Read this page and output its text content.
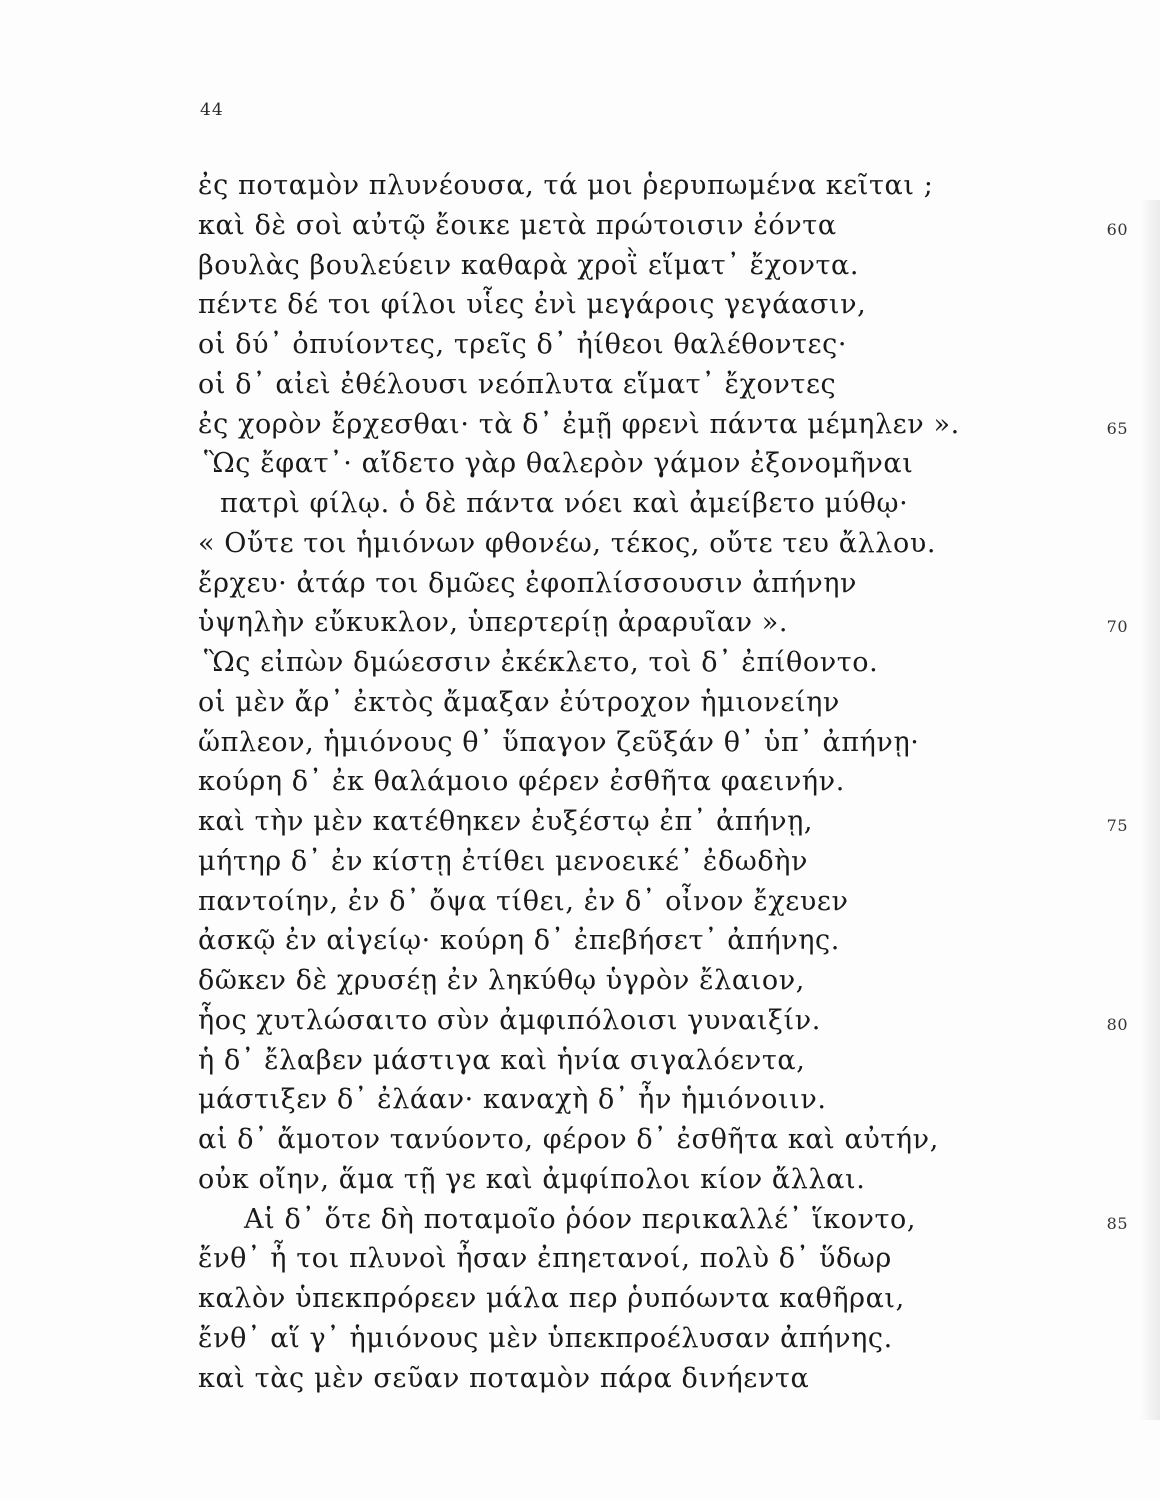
44
ἐς ποταμὸν πλυνέουσα, τά μοι ῥερυπωμένα κεῖται ;
καὶ δὲ σοὶ αὐτῷ ἔοικε μετὰ πρώτοισιν ἐόντα	60
βουλὰς βουλεύειν καθαρὰ χροῒ εἵματ᾽ ἔχοντα.
πέντε δέ τοι φίλοι υἷες ἐνὶ μεγάροις γεγάασιν,
οἱ δύ᾽ ὀπυίοντες, τρεῖς δ᾽ ἠίθεοι θαλέθοντες·
οἱ δ᾽ αἰεὶ ἐθέλουσι νεόπλυτα εἵματ᾽ ἔχοντες
ἐς χορὸν ἔρχεσθαι· τὰ δ᾽ ἐμῇ φρενὶ πάντα μέμηλεν ».	65
Ὣς ἔφατ᾽· αἴδετο γὰρ θαλερὸν γάμον ἐξονομῆναι
πατρὶ φίλῳ. ὁ δὲ πάντα νόει καὶ ἀμείβετο μύθῳ·
« Οὔτε τοι ἡμιόνων φθονέω, τέκος, οὔτε τευ ἄλλου.
ἔρχευ· ἀτάρ τοι δμῶες ἐφοπλίσσουσιν ἀπήνην
ὑψηλὴν εὔκυκλον, ὑπερτερίῃ ἀραρυῖαν ».	70
Ὣς εἰπὼν δμώεσσιν ἐκέκλετο, τοὶ δ᾽ ἐπίθοντο.
οἱ μὲν ἄρ᾽ ἐκτὸς ἄμαξαν ἐύτροχον ἡμιονείην
ὥπλεον, ἡμιόνους θ᾽ ὕπαγον ζεῦξάν θ᾽ ὑπ᾽ ἀπήνῃ·
κούρη δ᾽ ἐκ θαλάμοιο φέρεν ἐσθῆτα φαεινήν.
καὶ τὴν μὲν κατέθηκεν ἐυξέστῳ ἐπ᾽ ἀπήνῃ,	75
μήτηρ δ᾽ ἐν κίστῃ ἐτίθει μενοεικέ᾽ ἐδωδὴν
παντοίην, ἐν δ᾽ ὄψα τίθει, ἐν δ᾽ οἶνον ἔχευεν
ἀσκῷ ἐν αἰγείῳ· κούρη δ᾽ ἐπεβήσετ᾽ ἀπήνης.
δῶκεν δὲ χρυσέῃ ἐν ληκύθῳ ὑγρὸν ἔλαιον,
ἧος χυτλώσαιτο σὺν ἀμφιπόλοισι γυναιξίν.	80
ἡ δ᾽ ἔλαβεν μάστιγα καὶ ἡνία σιγαλόεντα,
μάστιξεν δ᾽ ἐλάαν· καναχὴ δ᾽ ἦν ἡμιόνοιιν.
αἱ δ᾽ ἄμοτον τανύοντο, φέρον δ᾽ ἐσθῆτα καὶ αὐτήν,
οὐκ οἴην, ἅμα τῇ γε καὶ ἀμφίπολοι κίον ἄλλαι.
Αἱ δ᾽ ὅτε δὴ ποταμοῖο ῥόον περικαλλέ᾽ ἵκοντο,	85
ἔνθ᾽ ἦ τοι πλυνοὶ ἦσαν ἐπηετανοί, πολὺ δ᾽ ὕδωρ
καλὸν ὑπεκπρόρεεν μάλα περ ῥυπόωντα καθῆραι,
ἔνθ᾽ αἵ γ᾽ ἡμιόνους μὲν ὑπεκπροέλυσαν ἀπήνης.
καὶ τὰς μὲν σεῦαν ποταμὸν πάρα δινήεντα
